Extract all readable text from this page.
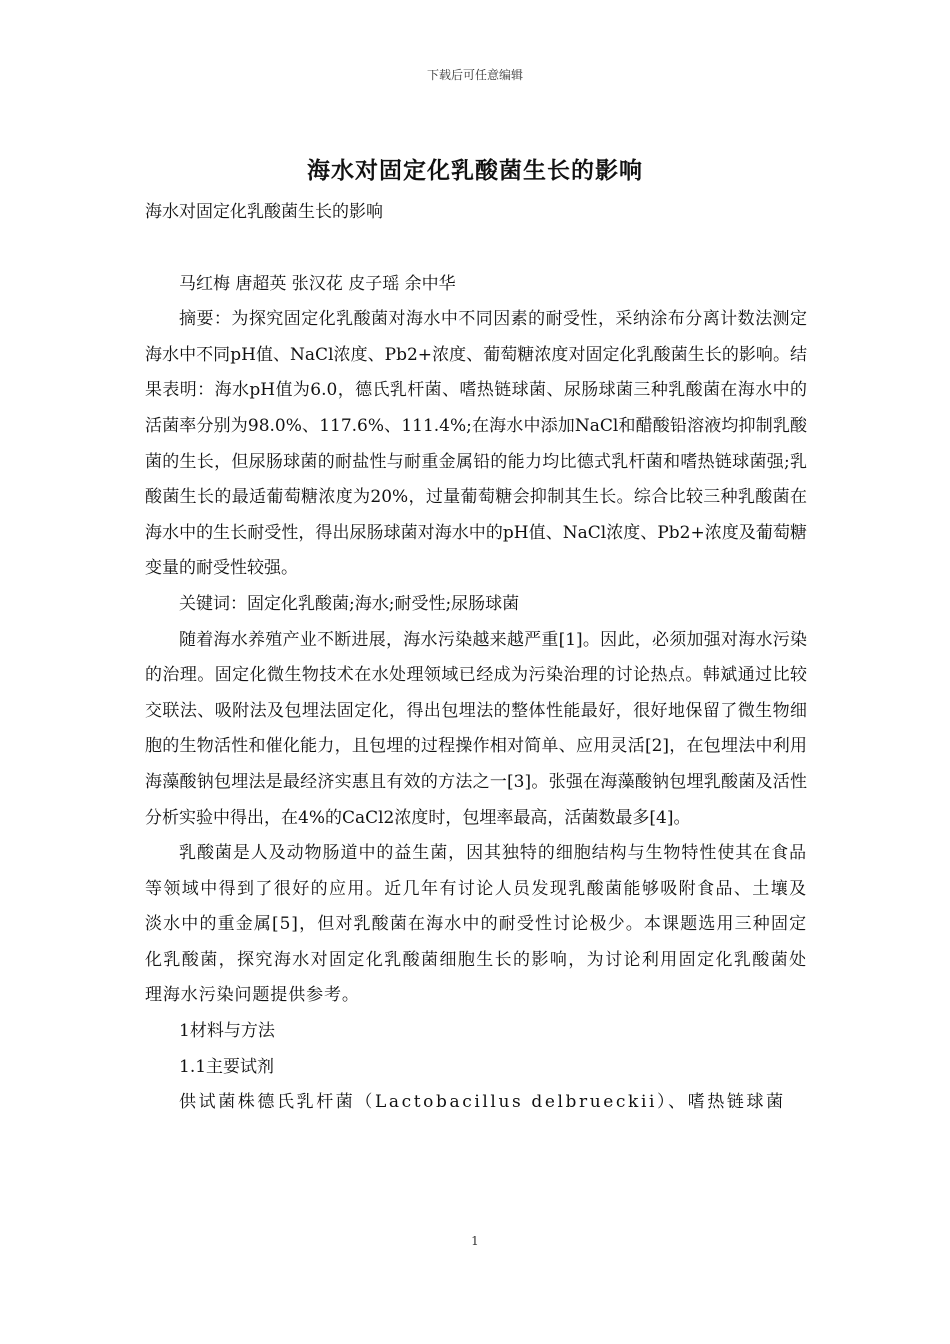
下载后可任意编辑
海水对固定化乳酸菌生长的影响

海水对固定化乳酸菌生长的影响

马红梅 唐超英 张汉花 皮子瑶 余中华

摘要：为探究固定化乳酸菌对海水中不同因素的耐受性，采纳涂布分离计数法测定海水中不同pH值、NaCl浓度、Pb2+浓度、葡萄糖浓度对固定化乳酸菌生长的影响。结果表明：海水pH值为6.0，德氏乳杆菌、嗜热链球菌、尿肠球菌三种乳酸菌在海水中的活菌率分别为98.0%、117.6%、111.4%;在海水中添加NaCl和醋酸铅溶液均抑制乳酸菌的生长，但尿肠球菌的耐盐性与耐重金属铅的能力均比德式乳杆菌和嗜热链球菌强;乳酸菌生长的最适葡萄糖浓度为20%，过量葡萄糖会抑制其生长。综合比较三种乳酸菌在海水中的生长耐受性，得出尿肠球菌对海水中的pH值、NaCl浓度、Pb2+浓度及葡萄糖变量的耐受性较强。

关键词：固定化乳酸菌;海水;耐受性;尿肠球菌

随着海水养殖产业不断进展，海水污染越来越严重[1]。因此，必须加强对海水污染的治理。固定化微生物技术在水处理领域已经成为污染治理的讨论热点。韩斌通过比较交联法、吸附法及包埋法固定化，得出包埋法的整体性能最好，很好地保留了微生物细胞的生物活性和催化能力，且包埋的过程操作相对简单、应用灵活[2]，在包埋法中利用海藻酸钠包埋法是最经济实惠且有效的方法之一[3]。张强在海藻酸钠包埋乳酸菌及活性分析实验中得出，在4%的CaCl2浓度时，包埋率最高，活菌数最多[4]。

乳酸菌是人及动物肠道中的益生菌，因其独特的细胞结构与生物特性使其在食品等领域中得到了很好的应用。近几年有讨论人员发现乳酸菌能够吸附食品、土壤及淡水中的重金属[5]，但对乳酸菌在海水中的耐受性讨论极少。本课题选用三种固定化乳酸菌，探究海水对固定化乳酸菌细胞生长的影响，为讨论利用固定化乳酸菌处理海水污染问题提供参考。

1材料与方法

1.1主要试剂

供试菌株德氏乳杆菌（Lactobacillus delbrueckii）、嗜热链球菌

1
